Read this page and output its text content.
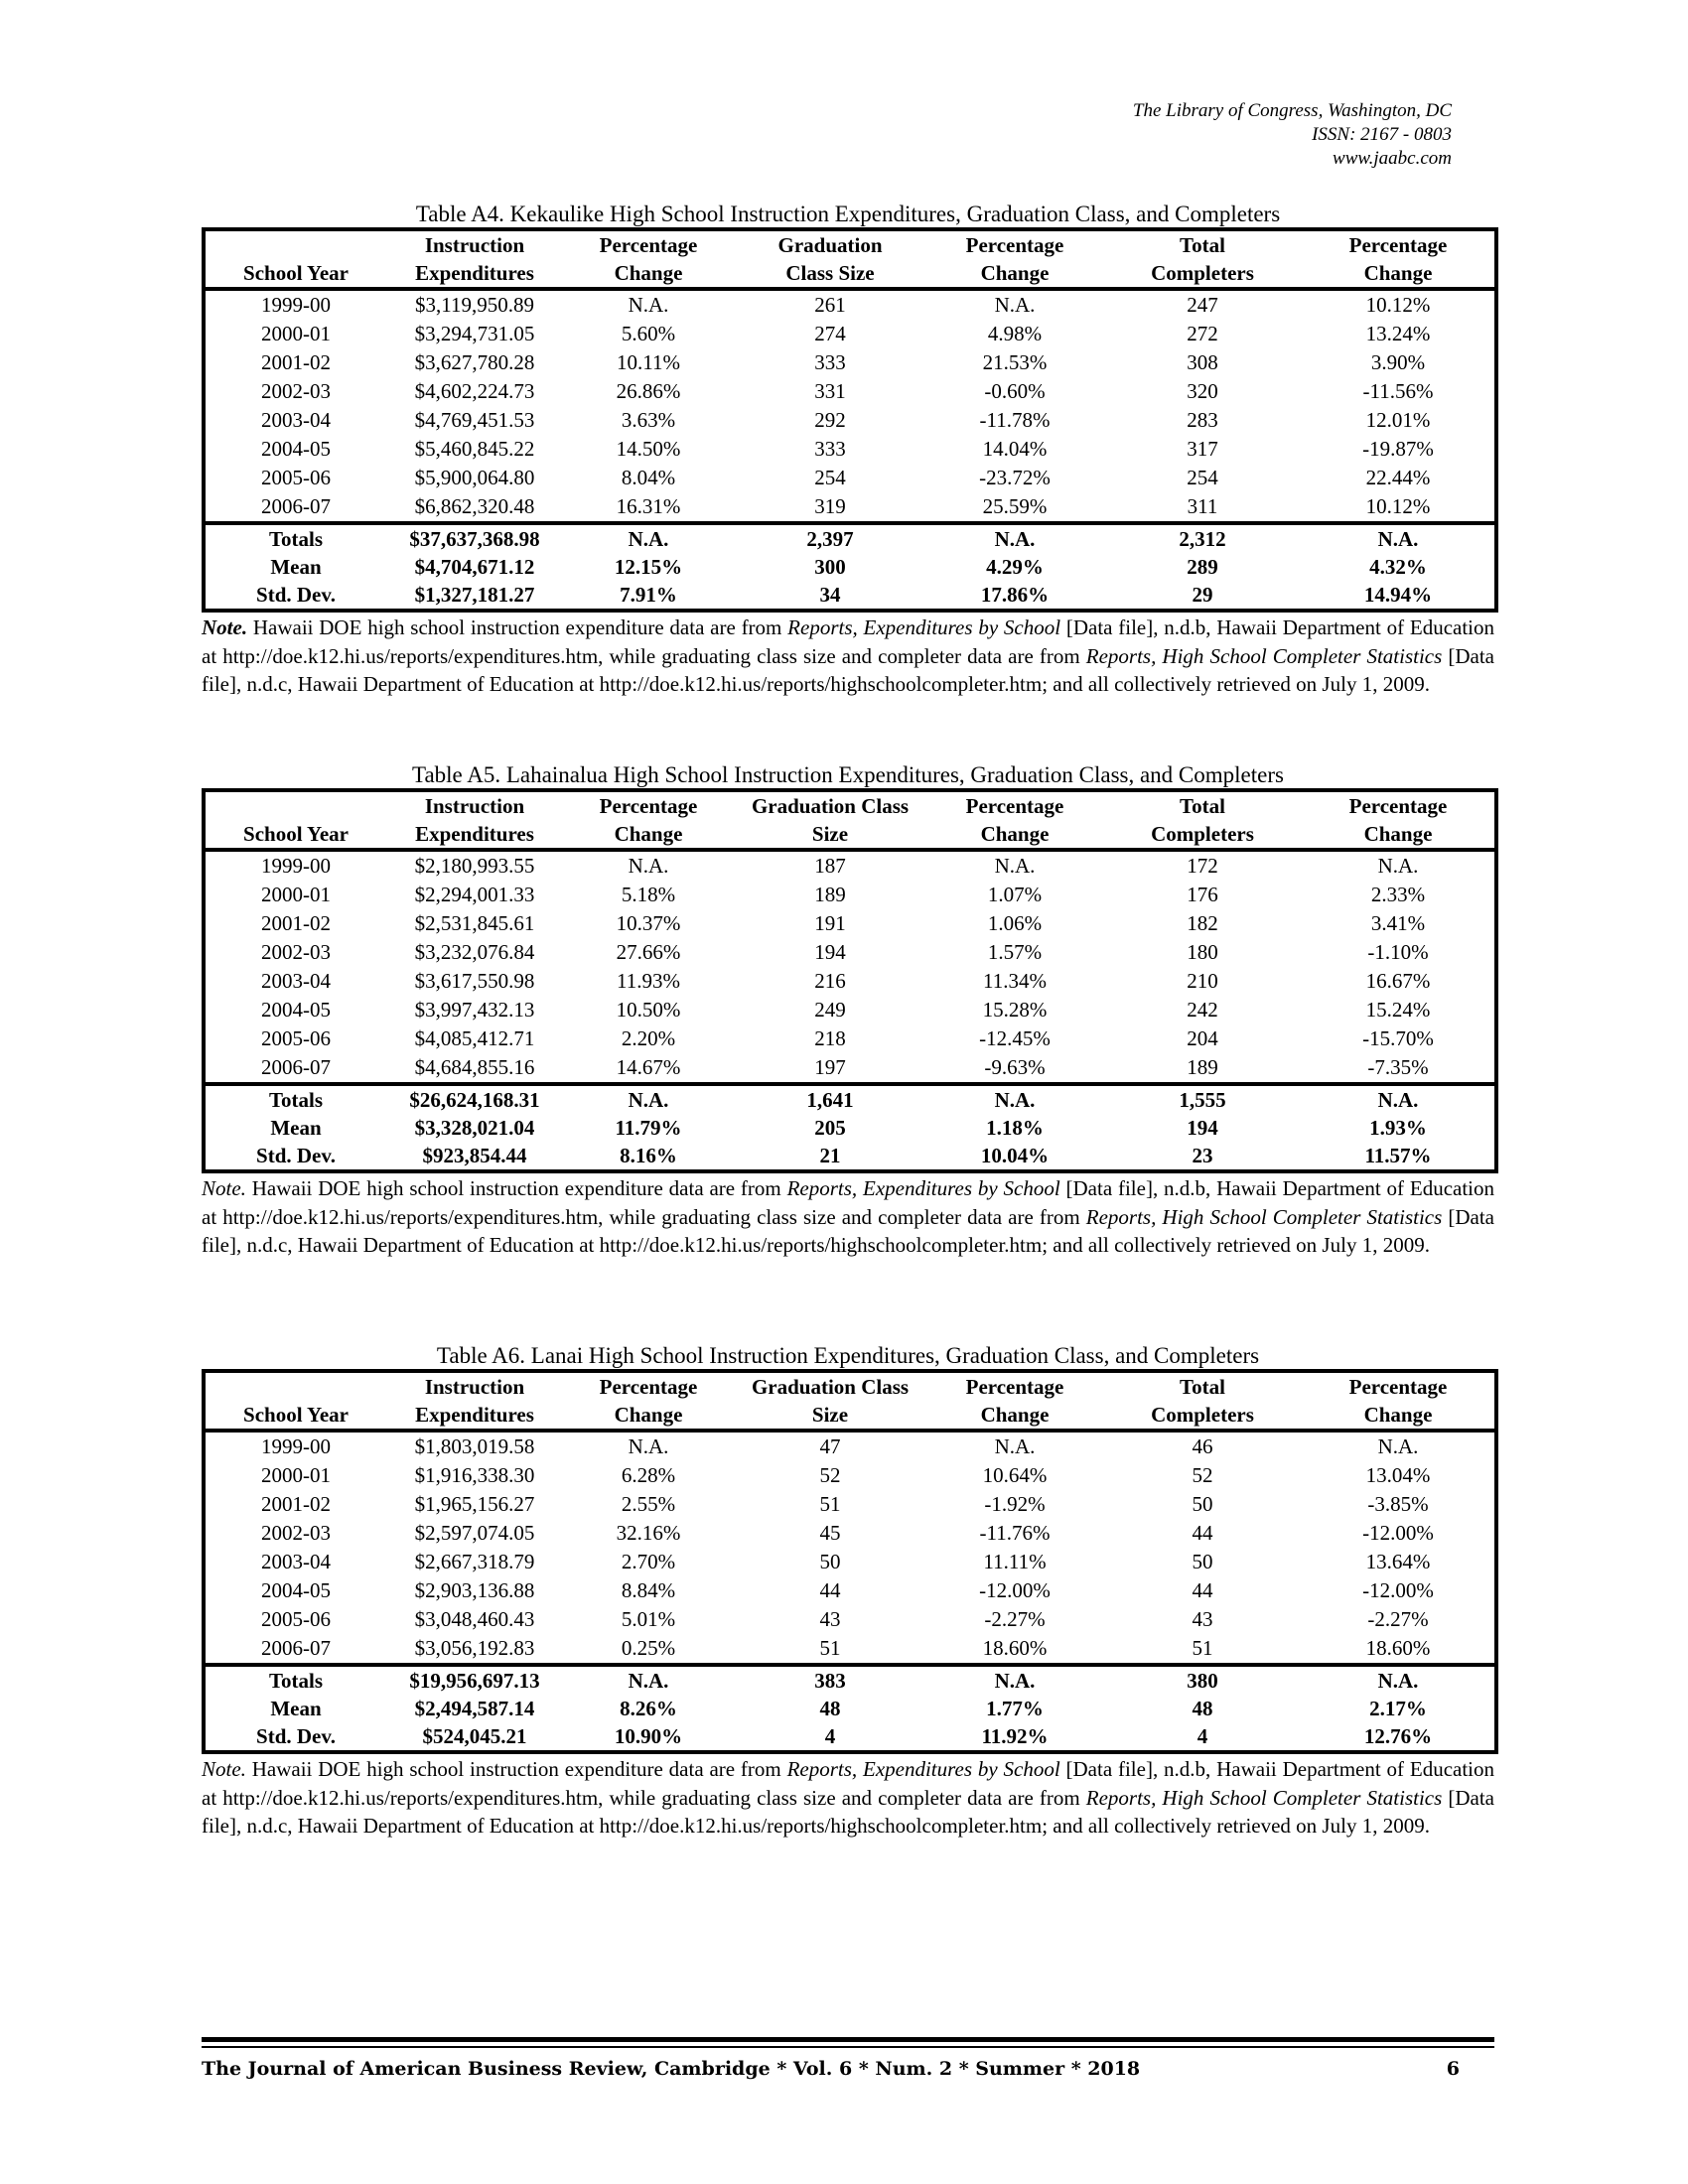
The Library of Congress, Washington, DC
ISSN: 2167 - 0803
www.jaabc.com
Table A4. Kekaulike High School Instruction Expenditures, Graduation Class, and Completers
	Instruction	Percentage	Graduation	Percentage	Total	Percentage
School Year	Expenditures	Change	Class Size	Change	Completers	Change
1999-00	$3,119,950.89	N.A.	261	N.A.	247	10.12%
2000-01	$3,294,731.05	5.60%	274	4.98%	272	13.24%
2001-02	$3,627,780.28	10.11%	333	21.53%	308	3.90%
2002-03	$4,602,224.73	26.86%	331	-0.60%	320	-11.56%
2003-04	$4,769,451.53	3.63%	292	-11.78%	283	12.01%
2004-05	$5,460,845.22	14.50%	333	14.04%	317	-19.87%
2005-06	$5,900,064.80	8.04%	254	-23.72%	254	22.44%
2006-07	$6,862,320.48	16.31%	319	25.59%	311	10.12%
Totals	$37,637,368.98	N.A.	2,397	N.A.	2,312	N.A.
Mean	$4,704,671.12	12.15%	300	4.29%	289	4.32%
Std. Dev.	$1,327,181.27	7.91%	34	17.86%	29	14.94%
Note. Hawaii DOE high school instruction expenditure data are from Reports, Expenditures by School [Data file], n.d.b, Hawaii Department of Education at http://doe.k12.hi.us/reports/expenditures.htm, while graduating class size and completer data are from Reports, High School Completer Statistics [Data file], n.d.c, Hawaii Department of Education at http://doe.k12.hi.us/reports/highschoolcompleter.htm; and all collectively retrieved on July 1, 2009.
Table A5. Lahainalua High School Instruction Expenditures, Graduation Class, and Completers
	Instruction	Percentage	Graduation Class	Percentage	Total	Percentage
School Year	Expenditures	Change	Size	Change	Completers	Change
1999-00	$2,180,993.55	N.A.	187	N.A.	172	N.A.
2000-01	$2,294,001.33	5.18%	189	1.07%	176	2.33%
2001-02	$2,531,845.61	10.37%	191	1.06%	182	3.41%
2002-03	$3,232,076.84	27.66%	194	1.57%	180	-1.10%
2003-04	$3,617,550.98	11.93%	216	11.34%	210	16.67%
2004-05	$3,997,432.13	10.50%	249	15.28%	242	15.24%
2005-06	$4,085,412.71	2.20%	218	-12.45%	204	-15.70%
2006-07	$4,684,855.16	14.67%	197	-9.63%	189	-7.35%
Totals	$26,624,168.31	N.A.	1,641	N.A.	1,555	N.A.
Mean	$3,328,021.04	11.79%	205	1.18%	194	1.93%
Std. Dev.	$923,854.44	8.16%	21	10.04%	23	11.57%
Note. Hawaii DOE high school instruction expenditure data are from Reports, Expenditures by School [Data file], n.d.b, Hawaii Department of Education at http://doe.k12.hi.us/reports/expenditures.htm, while graduating class size and completer data are from Reports, High School Completer Statistics [Data file], n.d.c, Hawaii Department of Education at http://doe.k12.hi.us/reports/highschoolcompleter.htm; and all collectively retrieved on July 1, 2009.
Table A6. Lanai High School Instruction Expenditures, Graduation Class, and Completers
	Instruction	Percentage	Graduation Class	Percentage	Total	Percentage
School Year	Expenditures	Change	Size	Change	Completers	Change
1999-00	$1,803,019.58	N.A.	47	N.A.	46	N.A.
2000-01	$1,916,338.30	6.28%	52	10.64%	52	13.04%
2001-02	$1,965,156.27	2.55%	51	-1.92%	50	-3.85%
2002-03	$2,597,074.05	32.16%	45	-11.76%	44	-12.00%
2003-04	$2,667,318.79	2.70%	50	11.11%	50	13.64%
2004-05	$2,903,136.88	8.84%	44	-12.00%	44	-12.00%
2005-06	$3,048,460.43	5.01%	43	-2.27%	43	-2.27%
2006-07	$3,056,192.83	0.25%	51	18.60%	51	18.60%
Totals	$19,956,697.13	N.A.	383	N.A.	380	N.A.
Mean	$2,494,587.14	8.26%	48	1.77%	48	2.17%
Std. Dev.	$524,045.21	10.90%	4	11.92%	4	12.76%
Note. Hawaii DOE high school instruction expenditure data are from Reports, Expenditures by School [Data file], n.d.b, Hawaii Department of Education at http://doe.k12.hi.us/reports/expenditures.htm, while graduating class size and completer data are from Reports, High School Completer Statistics [Data file], n.d.c, Hawaii Department of Education at http://doe.k12.hi.us/reports/highschoolcompleter.htm; and all collectively retrieved on July 1, 2009.
The Journal of American Business Review, Cambridge * Vol. 6 * Num. 2 * Summer * 2018	6
